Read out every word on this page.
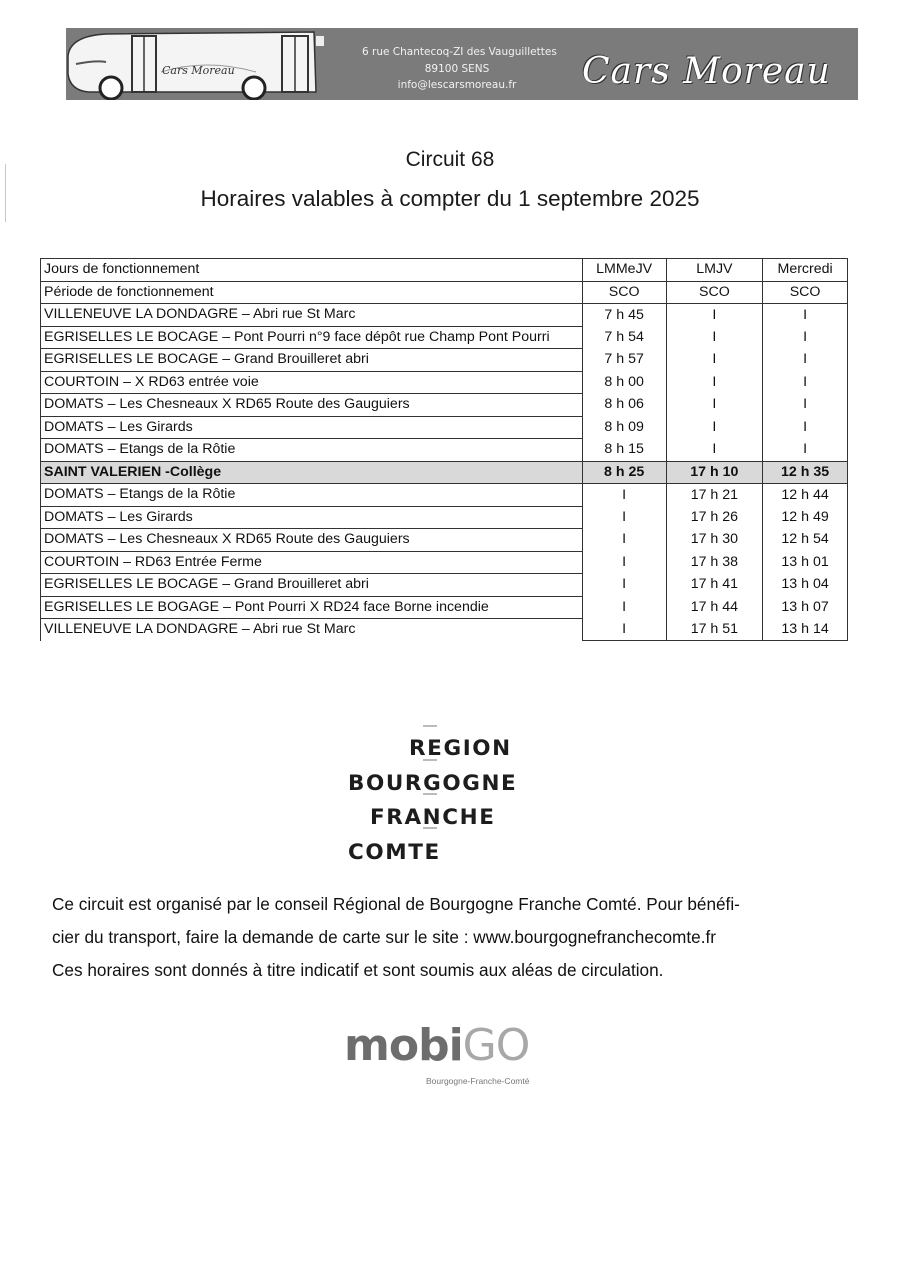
Cars Moreau
6 rue Chantecoq-ZI des Vauguillettes
89100 SENS
info@lescarsmoreau.fr	Cars Moreau
Circuit 68
Horaires valables à compter du 1 septembre 2025
Jours de fonctionnement	LMMeJV	LMJV	Mercredi
Période de fonctionnement	SCO	SCO	SCO
VILLENEUVE LA DONDAGRE – Abri rue St Marc	7 h 45	I	I
EGRISELLES LE BOCAGE – Pont Pourri n°9 face dépôt rue Champ Pont Pourri	7 h 54	I	I
EGRISELLES LE BOCAGE – Grand Brouilleret abri	7 h 57	I	I
COURTOIN – X RD63 entrée voie	8 h 00	I	I
DOMATS – Les Chesneaux X RD65 Route des Gauguiers	8 h 06	I	I
DOMATS – Les Girards	8 h 09	I	I
DOMATS – Etangs de la Rôtie	8 h 15	I	I
SAINT VALERIEN -Collège	8 h 25	17 h 10	12 h 35
DOMATS – Etangs de la Rôtie	I	17 h 21	12 h 44
DOMATS – Les Girards	I	17 h 26	12 h 49
DOMATS – Les Chesneaux X RD65 Route des Gauguiers	I	17 h 30	12 h 54
COURTOIN – RD63 Entrée Ferme	I	17 h 38	13 h 01
EGRISELLES LE BOCAGE – Grand Brouilleret abri	I	17 h 41	13 h 04
EGRISELLES LE BOGAGE – Pont Pourri X RD24 face Borne incendie	I	17 h 44	13 h 07
VILLENEUVE LA DONDAGRE – Abri rue St Marc	I	17 h 51	13 h 14
REGION
BOURGOGNE
FRANCHE
COMTE
Ce circuit est organisé par le conseil Régional de Bourgogne Franche Comté. Pour bénéfi-
cier du transport, faire la demande de carte sur le site : www.bourgognefranchecomte.fr
Ces horaires sont donnés à titre indicatif et sont soumis aux aléas de circulation.
mobiGO
Bourgogne-Franche-Comté
